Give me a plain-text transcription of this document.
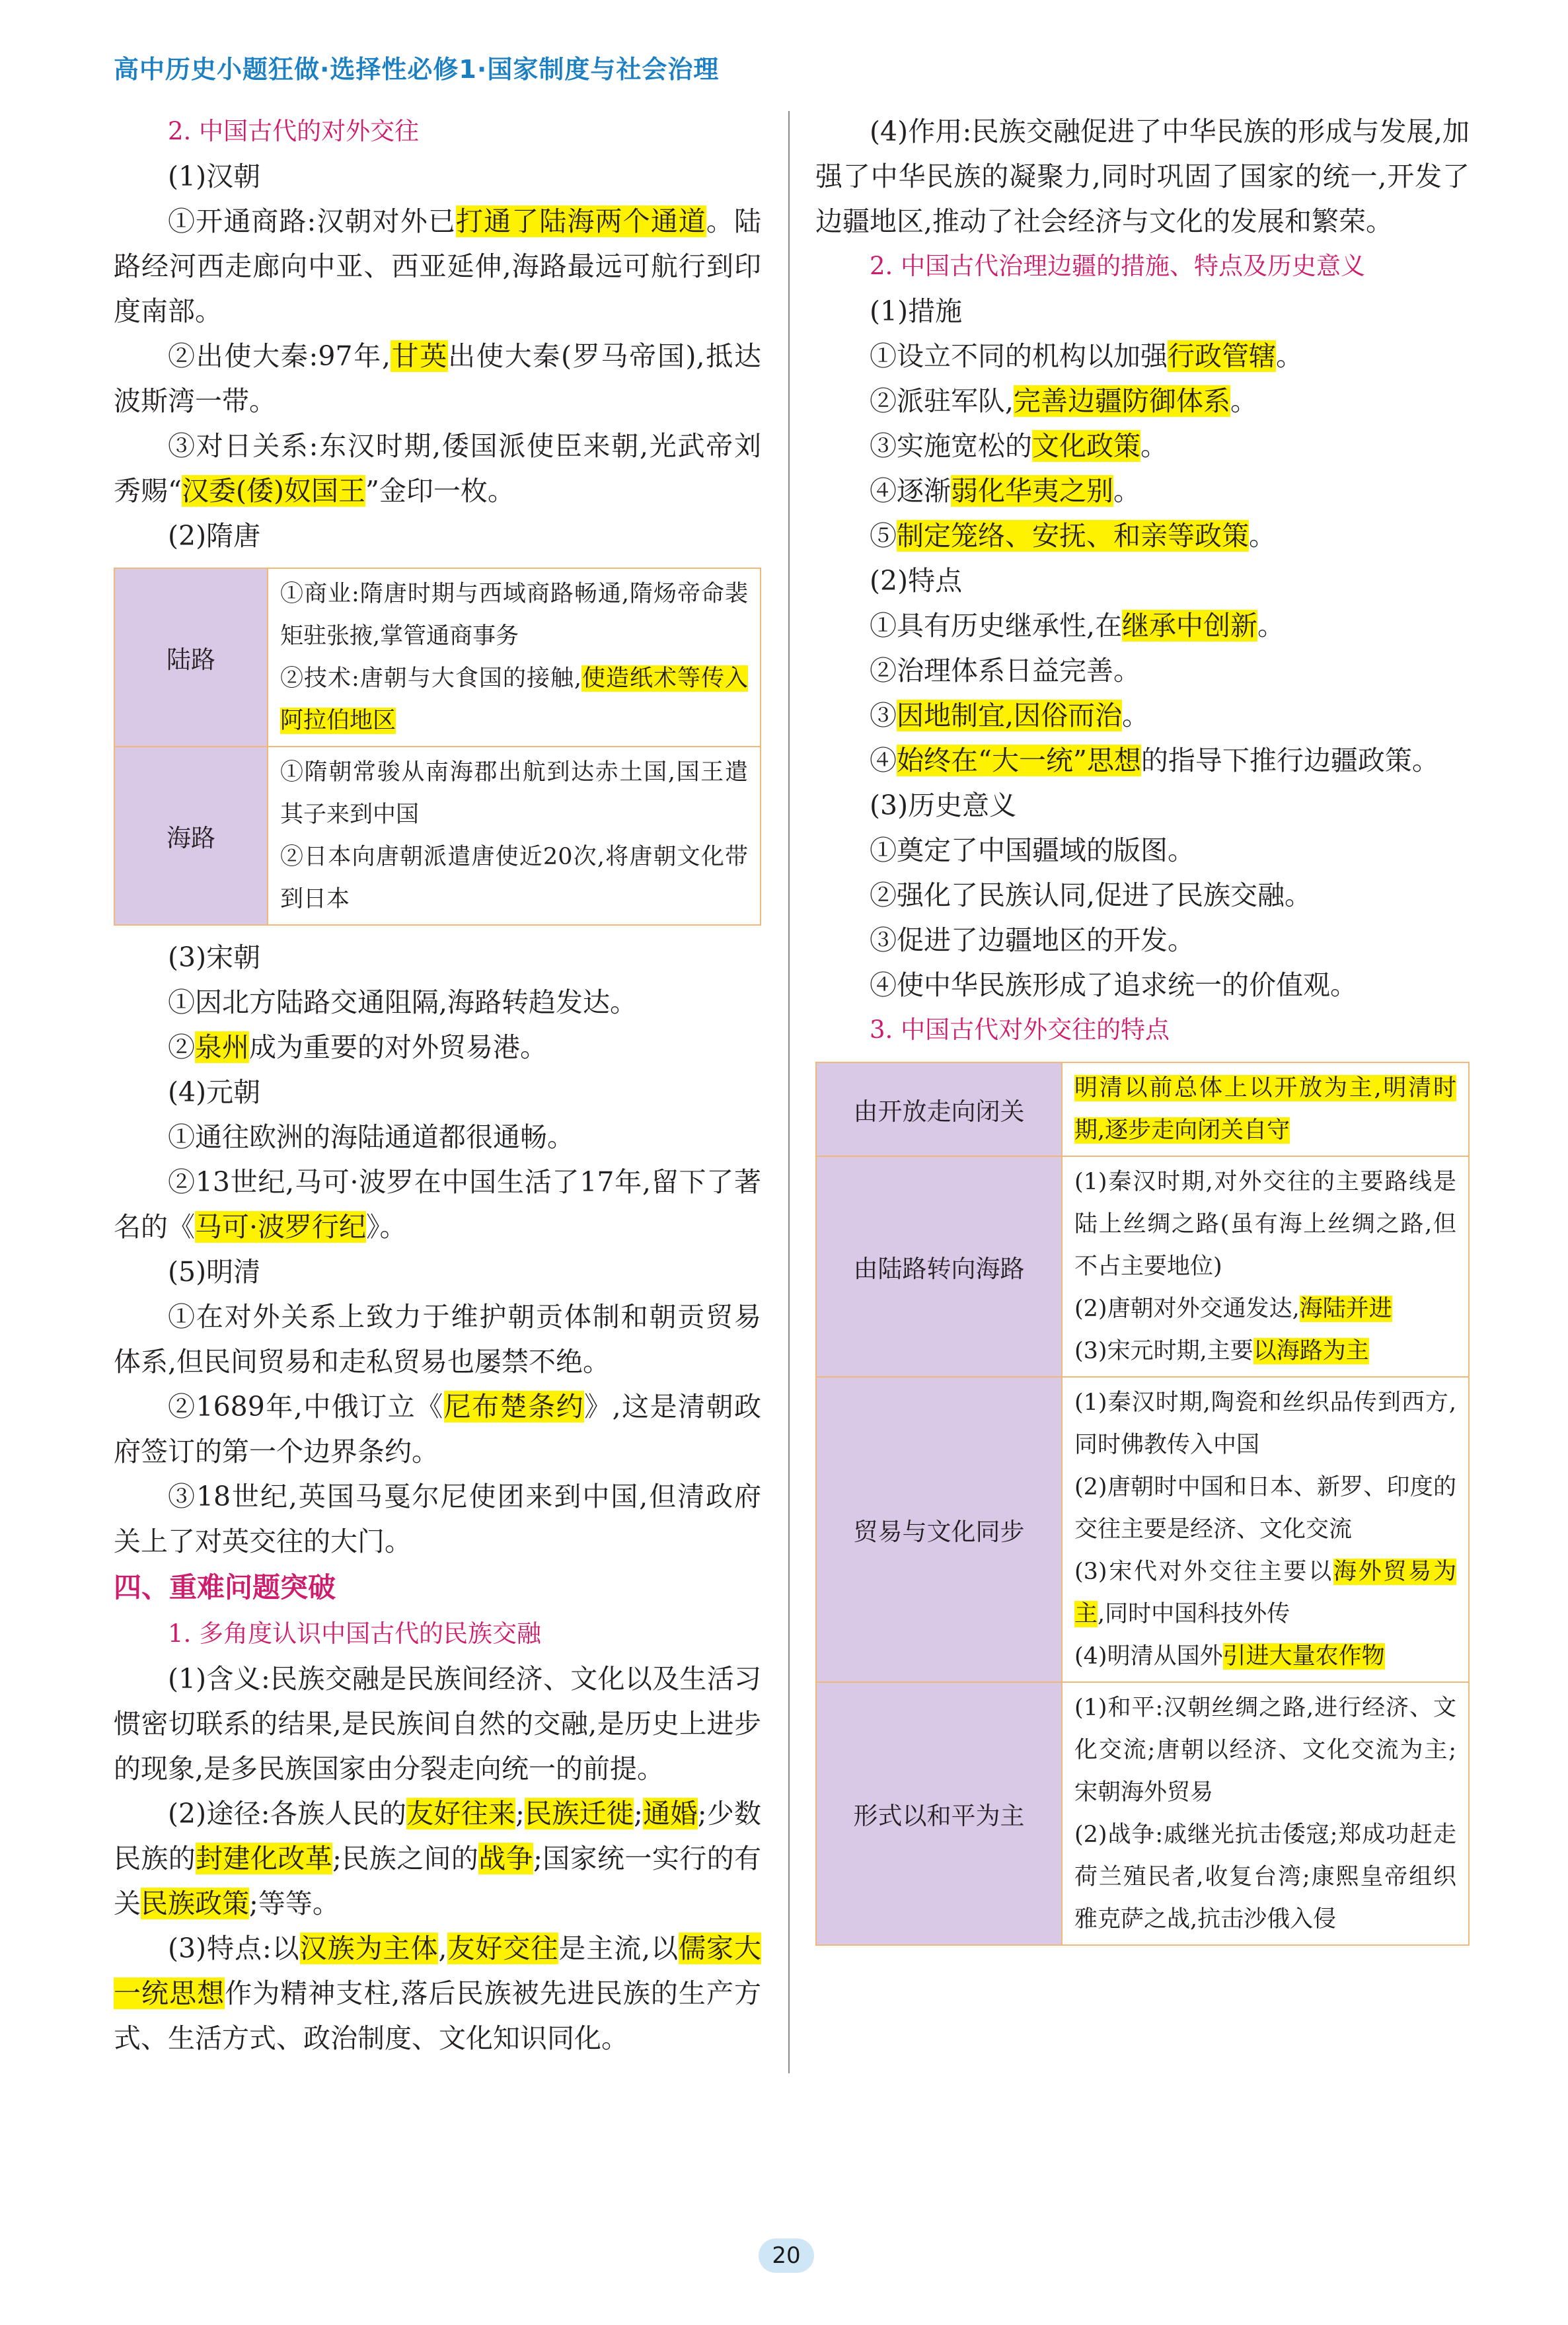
高中历史小题狂做·选择性必修1·国家制度与社会治理

2. 中国古代的对外交往

(1)汉朝

①开通商路:汉朝对外已打通了陆海两个通道。陆路经河西走廊向中亚、西亚延伸,海路最远可航行到印度南部。

②出使大秦:97年,甘英出使大秦(罗马帝国),抵达波斯湾一带。

③对日关系:东汉时期,倭国派使臣来朝,光武帝刘秀赐“汉委(倭)奴国王”金印一枚。

(2)隋唐

陆路	①商业:隋唐时期与西域商路畅通,隋炀帝命裴矩驻张掖,掌管通商事务
②技术:唐朝与大食国的接触,使造纸术等传入阿拉伯地区

海路	①隋朝常骏从南海郡出航到达赤土国,国王遣其子来到中国
②日本向唐朝派遣唐使近20次,将唐朝文化带到日本

(3)宋朝

①因北方陆路交通阻隔,海路转趋发达。

②泉州成为重要的对外贸易港。

(4)元朝

①通往欧洲的海陆通道都很通畅。

②13世纪,马可·波罗在中国生活了17年,留下了著名的《马可·波罗行纪》。

(5)明清

①在对外关系上致力于维护朝贡体制和朝贡贸易体系,但民间贸易和走私贸易也屡禁不绝。

②1689年,中俄订立《尼布楚条约》,这是清朝政府签订的第一个边界条约。

③18世纪,英国马戛尔尼使团来到中国,但清政府关上了对英交往的大门。

四、重难问题突破

1. 多角度认识中国古代的民族交融

(1)含义:民族交融是民族间经济、文化以及生活习惯密切联系的结果,是民族间自然的交融,是历史上进步的现象,是多民族国家由分裂走向统一的前提。

(2)途径:各族人民的友好往来;民族迁徙;通婚;少数民族的封建化改革;民族之间的战争;国家统一实行的有关民族政策;等等。

(3)特点:以汉族为主体,友好交往是主流,以儒家大一统思想作为精神支柱,落后民族被先进民族的生产方式、生活方式、政治制度、文化知识同化。

(4)作用:民族交融促进了中华民族的形成与发展,加强了中华民族的凝聚力,同时巩固了国家的统一,开发了边疆地区,推动了社会经济与文化的发展和繁荣。

2. 中国古代治理边疆的措施、特点及历史意义

(1)措施

①设立不同的机构以加强行政管辖。

②派驻军队,完善边疆防御体系。

③实施宽松的文化政策。

④逐渐弱化华夷之别。

⑤制定笼络、安抚、和亲等政策。

(2)特点

①具有历史继承性,在继承中创新。

②治理体系日益完善。

③因地制宜,因俗而治。

④始终在“大一统”思想的指导下推行边疆政策。

(3)历史意义

①奠定了中国疆域的版图。

②强化了民族认同,促进了民族交融。

③促进了边疆地区的开发。

④使中华民族形成了追求统一的价值观。

3. 中国古代对外交往的特点

由开放走向闭关	明清以前总体上以开放为主,明清时期,逐步走向闭关自守

由陆路转向海路	(1)秦汉时期,对外交往的主要路线是陆上丝绸之路(虽有海上丝绸之路,但不占主要地位)
(2)唐朝对外交通发达,海陆并进
(3)宋元时期,主要以海路为主

贸易与文化同步	(1)秦汉时期,陶瓷和丝织品传到西方,同时佛教传入中国
(2)唐朝时中国和日本、新罗、印度的交往主要是经济、文化交流
(3)宋代对外交往主要以海外贸易为主,同时中国科技外传
(4)明清从国外引进大量农作物

形式以和平为主	(1)和平:汉朝丝绸之路,进行经济、文化交流;唐朝以经济、文化交流为主;宋朝海外贸易
(2)战争:戚继光抗击倭寇;郑成功赶走荷兰殖民者,收复台湾;康熙皇帝组织雅克萨之战,抗击沙俄入侵
20
